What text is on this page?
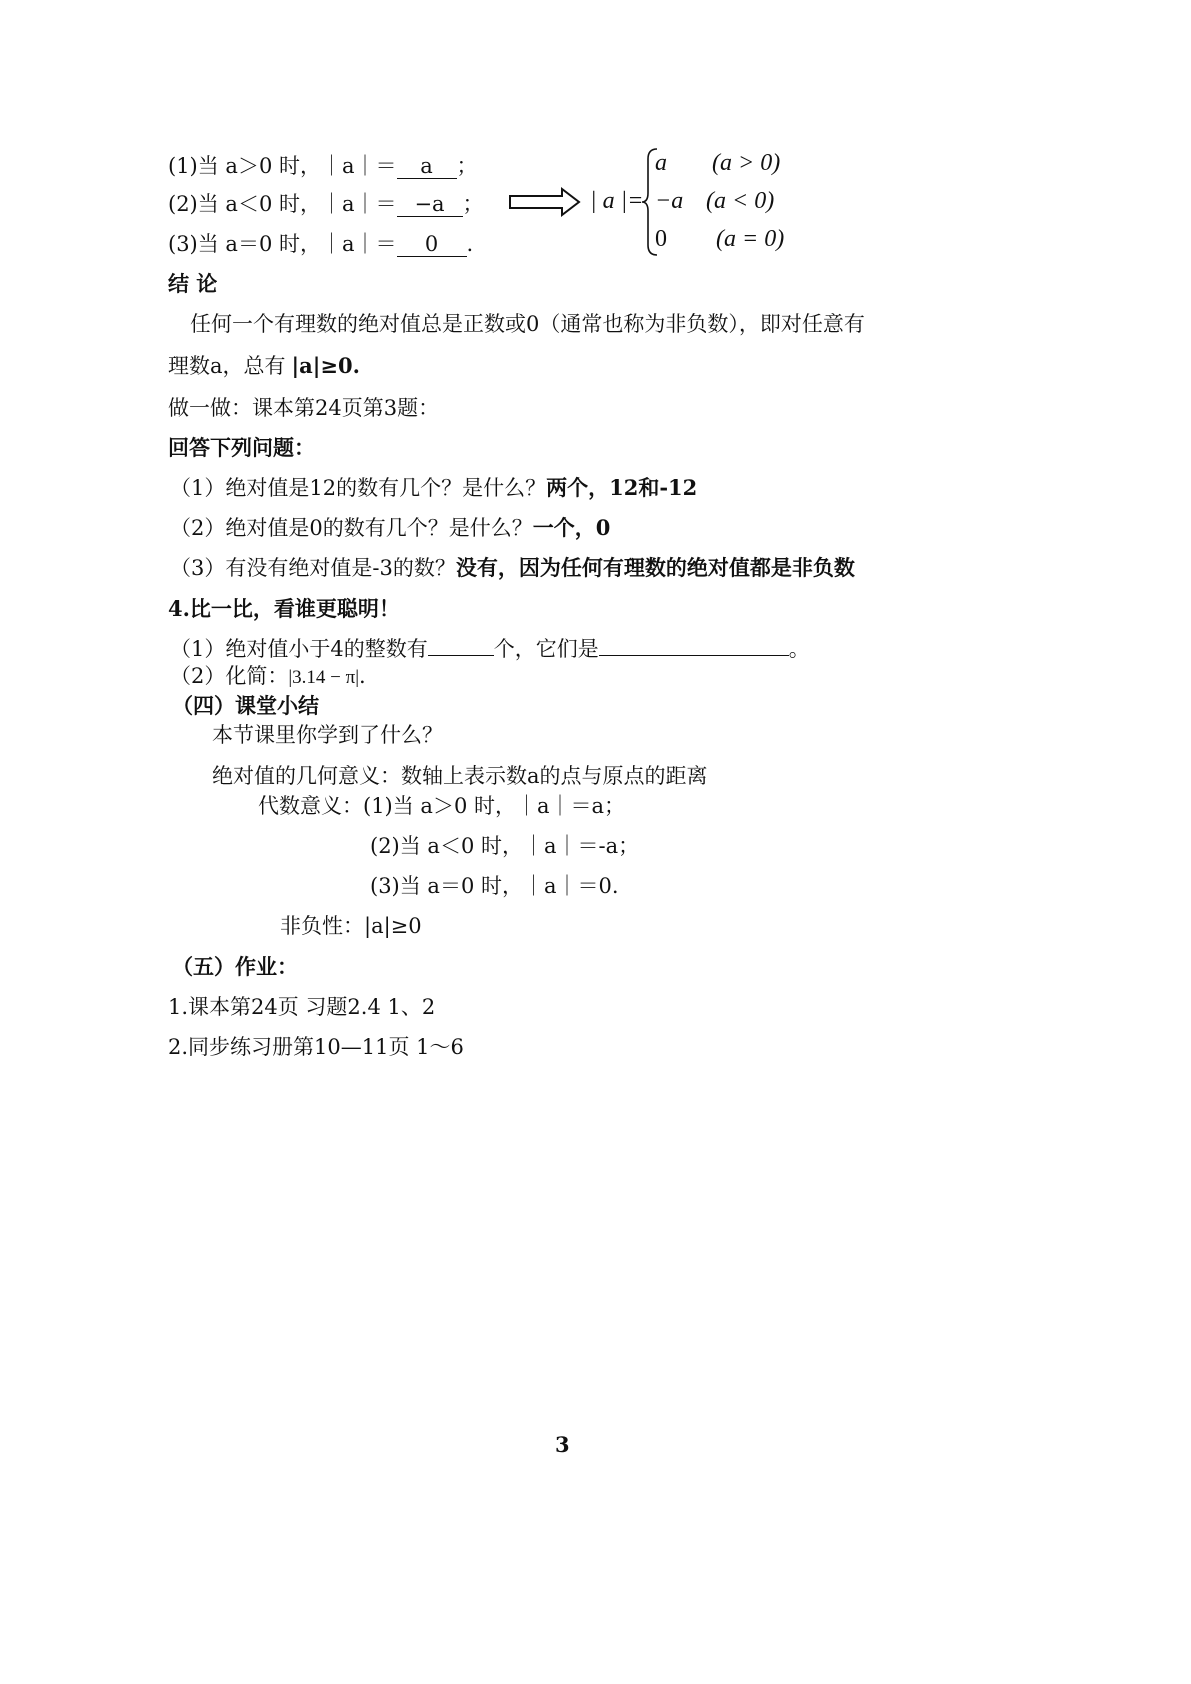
(1)当 a＞0 时，｜a｜＝ a ；
(2)当 a＜0 时，｜a｜＝ −a ；
(3)当 a＝0 时，｜a｜＝ 0 .
| a |=
a (a > 0)
−a (a < 0)
0 (a = 0)
结 论
任何一个有理数的绝对值总是正数或0（通常也称为非负数），即对任意有
理数a，总有 |a|≥0.
做一做：课本第24页第3题：
回答下列问题：
（1）绝对值是12的数有几个？是什么？两个，12和-12
（2）绝对值是0的数有几个？是什么？一个，0
（3）有没有绝对值是-3的数？没有，因为任何有理数的绝对值都是非负数
4.比一比，看谁更聪明！
（1）绝对值小于4的整数有	个，它们是	。
（2）化简：|3.14 − π|.
（四）课堂小结
本节课里你学到了什么？
绝对值的几何意义：数轴上表示数a的点与原点的距离
代数意义：(1)当 a＞0 时，｜a｜＝a；
(2)当 a＜0 时，｜a｜＝-a；
(3)当 a＝0 时，｜a｜＝0.
非负性：|a|≥0
（五）作业：
1.课本第24页 习题2.4 1、2
2.同步练习册第10—11页 1～6
3
